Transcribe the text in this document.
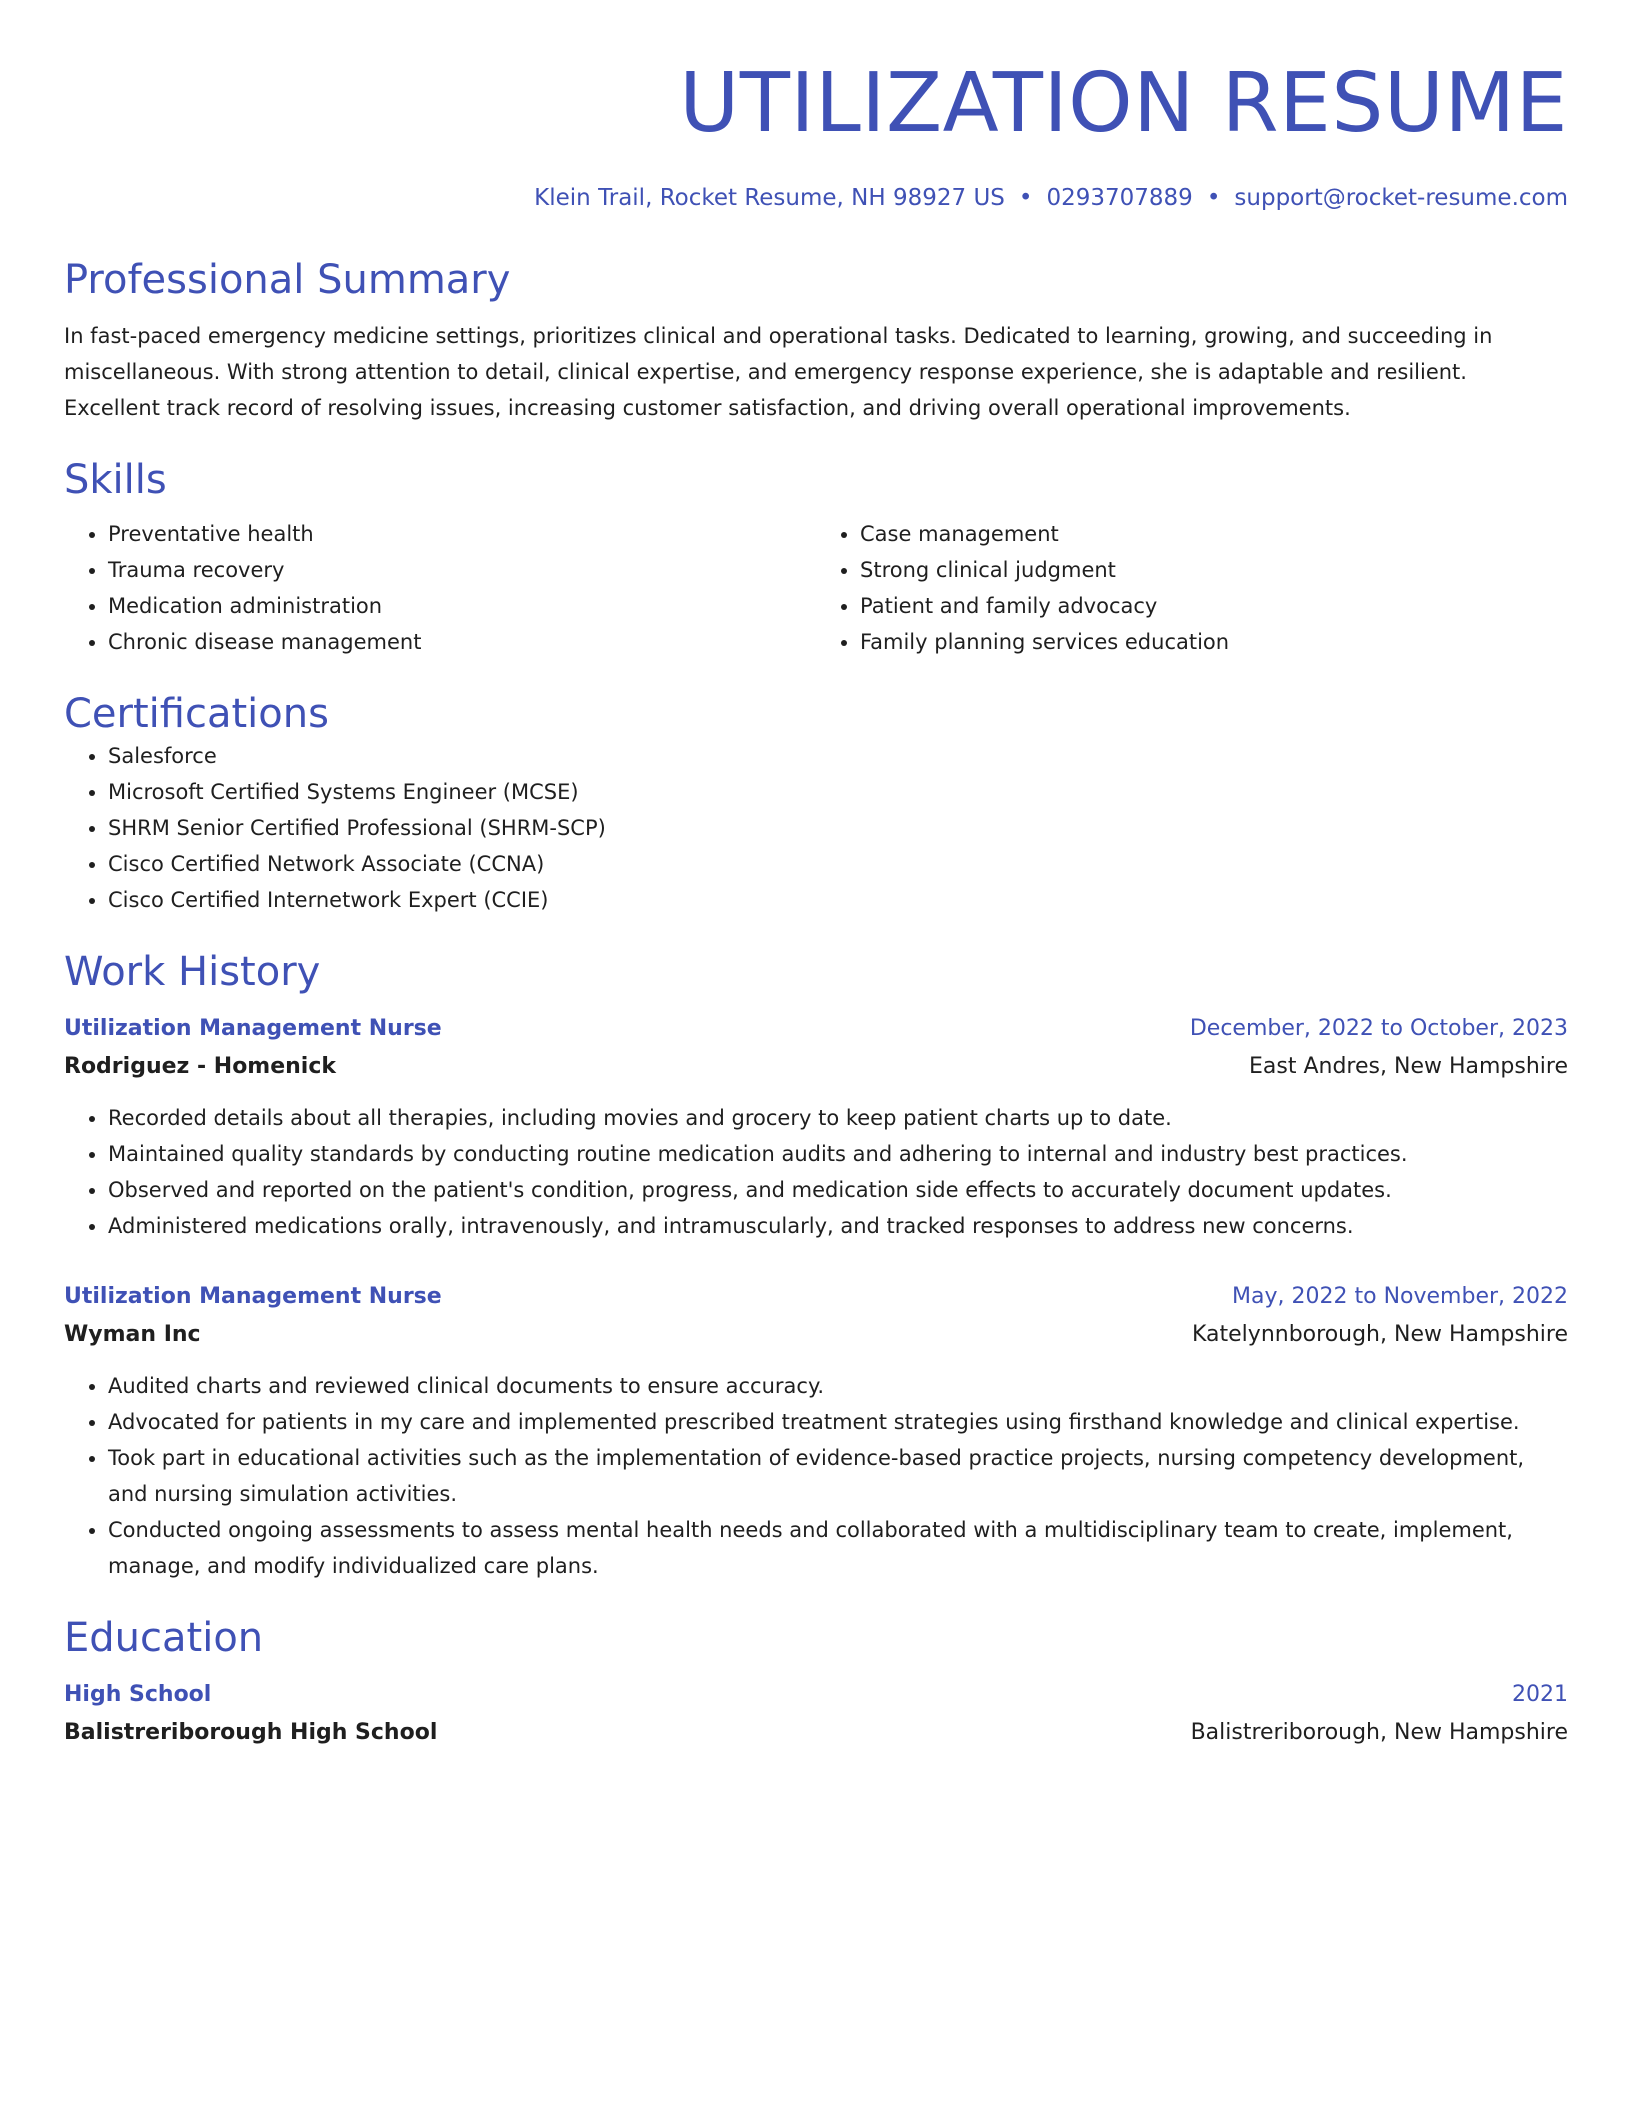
UTILIZATION RESUME
Klein Trail, Rocket Resume, NH 98927 US • 0293707889 • support@rocket-resume.com
Professional Summary
In fast-paced emergency medicine settings, prioritizes clinical and operational tasks. Dedicated to learning, growing, and succeeding in miscellaneous. With strong attention to detail, clinical expertise, and emergency response experience, she is adaptable and resilient. Excellent track record of resolving issues, increasing customer satisfaction, and driving overall operational improvements.
Skills
• Preventative health
• Trauma recovery
• Medication administration
• Chronic disease management
• Case management
• Strong clinical judgment
• Patient and family advocacy
• Family planning services education
Certifications
• Salesforce
• Microsoft Certified Systems Engineer (MCSE)
• SHRM Senior Certified Professional (SHRM-SCP)
• Cisco Certified Network Associate (CCNA)
• Cisco Certified Internetwork Expert (CCIE)
Work History
Utilization Management Nurse	December, 2022 to October, 2023
Rodriguez - Homenick	East Andres, New Hampshire
• Recorded details about all therapies, including movies and grocery to keep patient charts up to date.
• Maintained quality standards by conducting routine medication audits and adhering to internal and industry best practices.
• Observed and reported on the patient's condition, progress, and medication side effects to accurately document updates.
• Administered medications orally, intravenously, and intramuscularly, and tracked responses to address new concerns.
Utilization Management Nurse	May, 2022 to November, 2022
Wyman Inc	Katelynnborough, New Hampshire
• Audited charts and reviewed clinical documents to ensure accuracy.
• Advocated for patients in my care and implemented prescribed treatment strategies using firsthand knowledge and clinical expertise.
• Took part in educational activities such as the implementation of evidence-based practice projects, nursing competency development, and nursing simulation activities.
• Conducted ongoing assessments to assess mental health needs and collaborated with a multidisciplinary team to create, implement, manage, and modify individualized care plans.
Education
High School	2021
Balistreriborough High School	Balistreriborough, New Hampshire
